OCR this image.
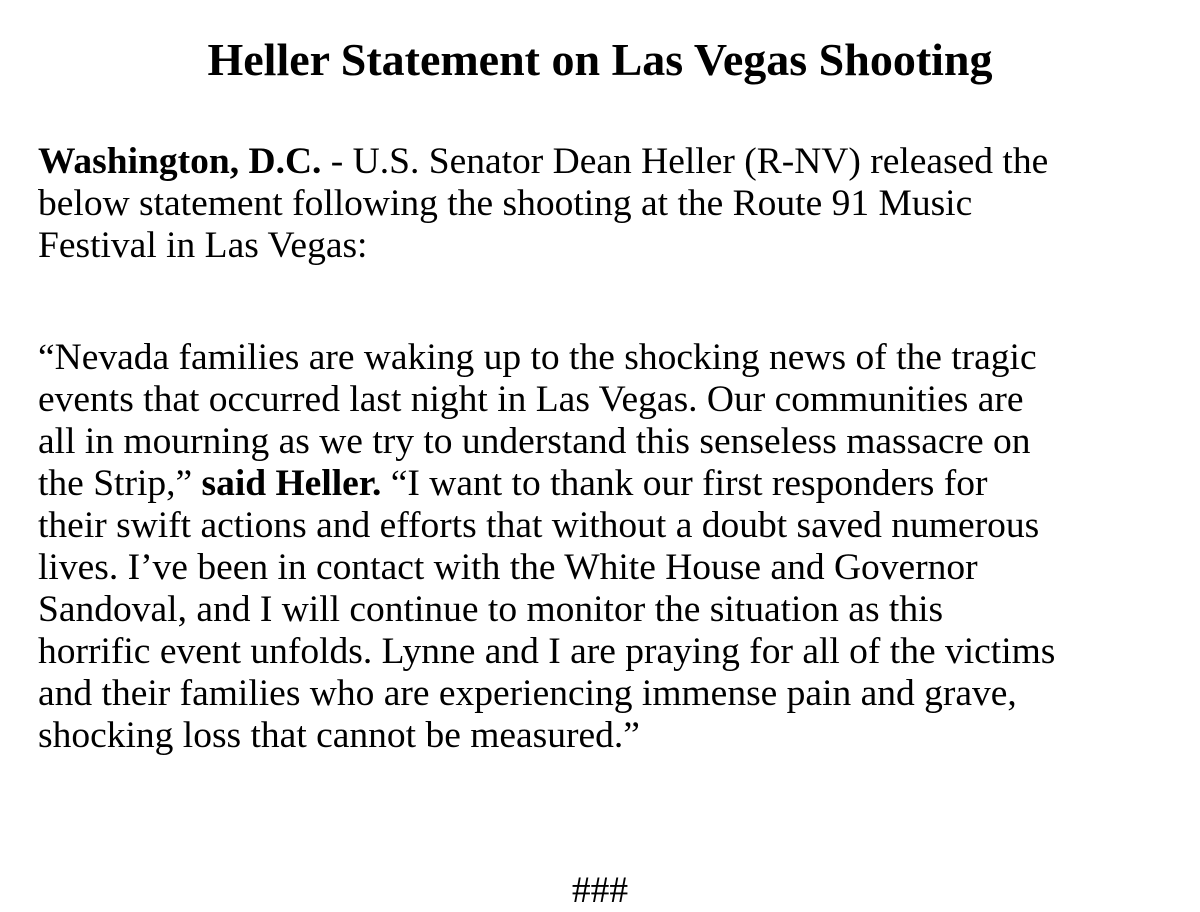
Heller Statement on Las Vegas Shooting
Washington, D.C. - U.S. Senator Dean Heller (R-NV) released the
below statement following the shooting at the Route 91 Music
Festival in Las Vegas:
“Nevada families are waking up to the shocking news of the tragic
events that occurred last night in Las Vegas. Our communities are
all in mourning as we try to understand this senseless massacre on
the Strip,” said Heller. “I want to thank our first responders for
their swift actions and efforts that without a doubt saved numerous
lives. I’ve been in contact with the White House and Governor
Sandoval, and I will continue to monitor the situation as this
horrific event unfolds. Lynne and I are praying for all of the victims
and their families who are experiencing immense pain and grave,
shocking loss that cannot be measured.”
###
